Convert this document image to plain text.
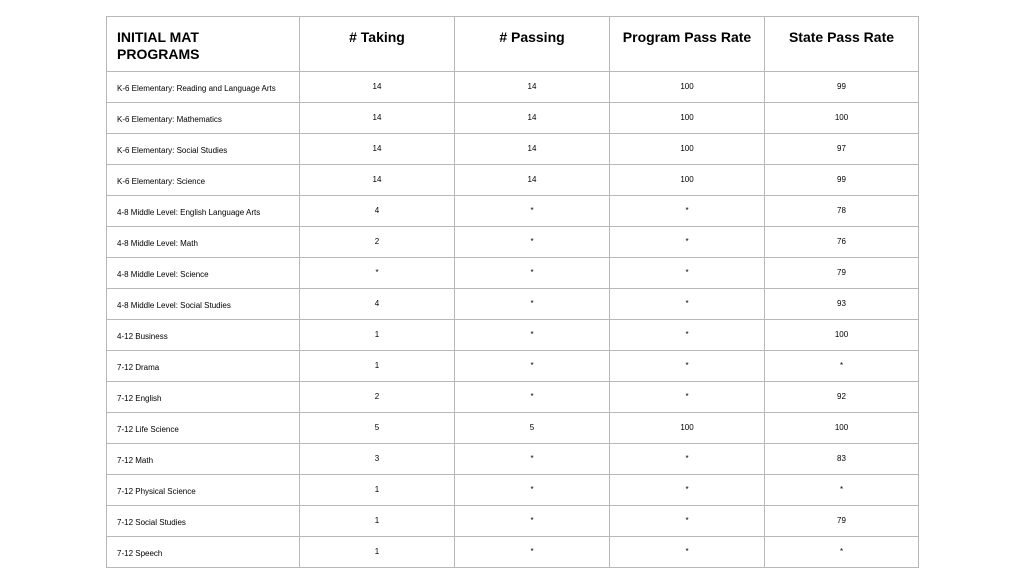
INITIAL MAT
PROGRAMS	# Taking	# Passing	Program Pass Rate	State Pass Rate
K-6 Elementary: Reading and Language Arts	14	14	100	99
K-6 Elementary: Mathematics	14	14	100	100
K-6 Elementary: Social Studies	14	14	100	97
K-6 Elementary: Science	14	14	100	99
4-8 Middle Level: English Language Arts	4	*	*	78
4-8 Middle Level: Math	2	*	*	76
4-8 Middle Level: Science	*	*	*	79
4-8 Middle Level: Social Studies	4	*	*	93
4-12 Business	1	*	*	100
7-12 Drama	1	*	*	*
7-12 English	2	*	*	92
7-12 Life Science	5	5	100	100
7-12 Math	3	*	*	83
7-12 Physical Science	1	*	*	*
7-12 Social Studies	1	*	*	79
7-12 Speech	1	*	*	*
